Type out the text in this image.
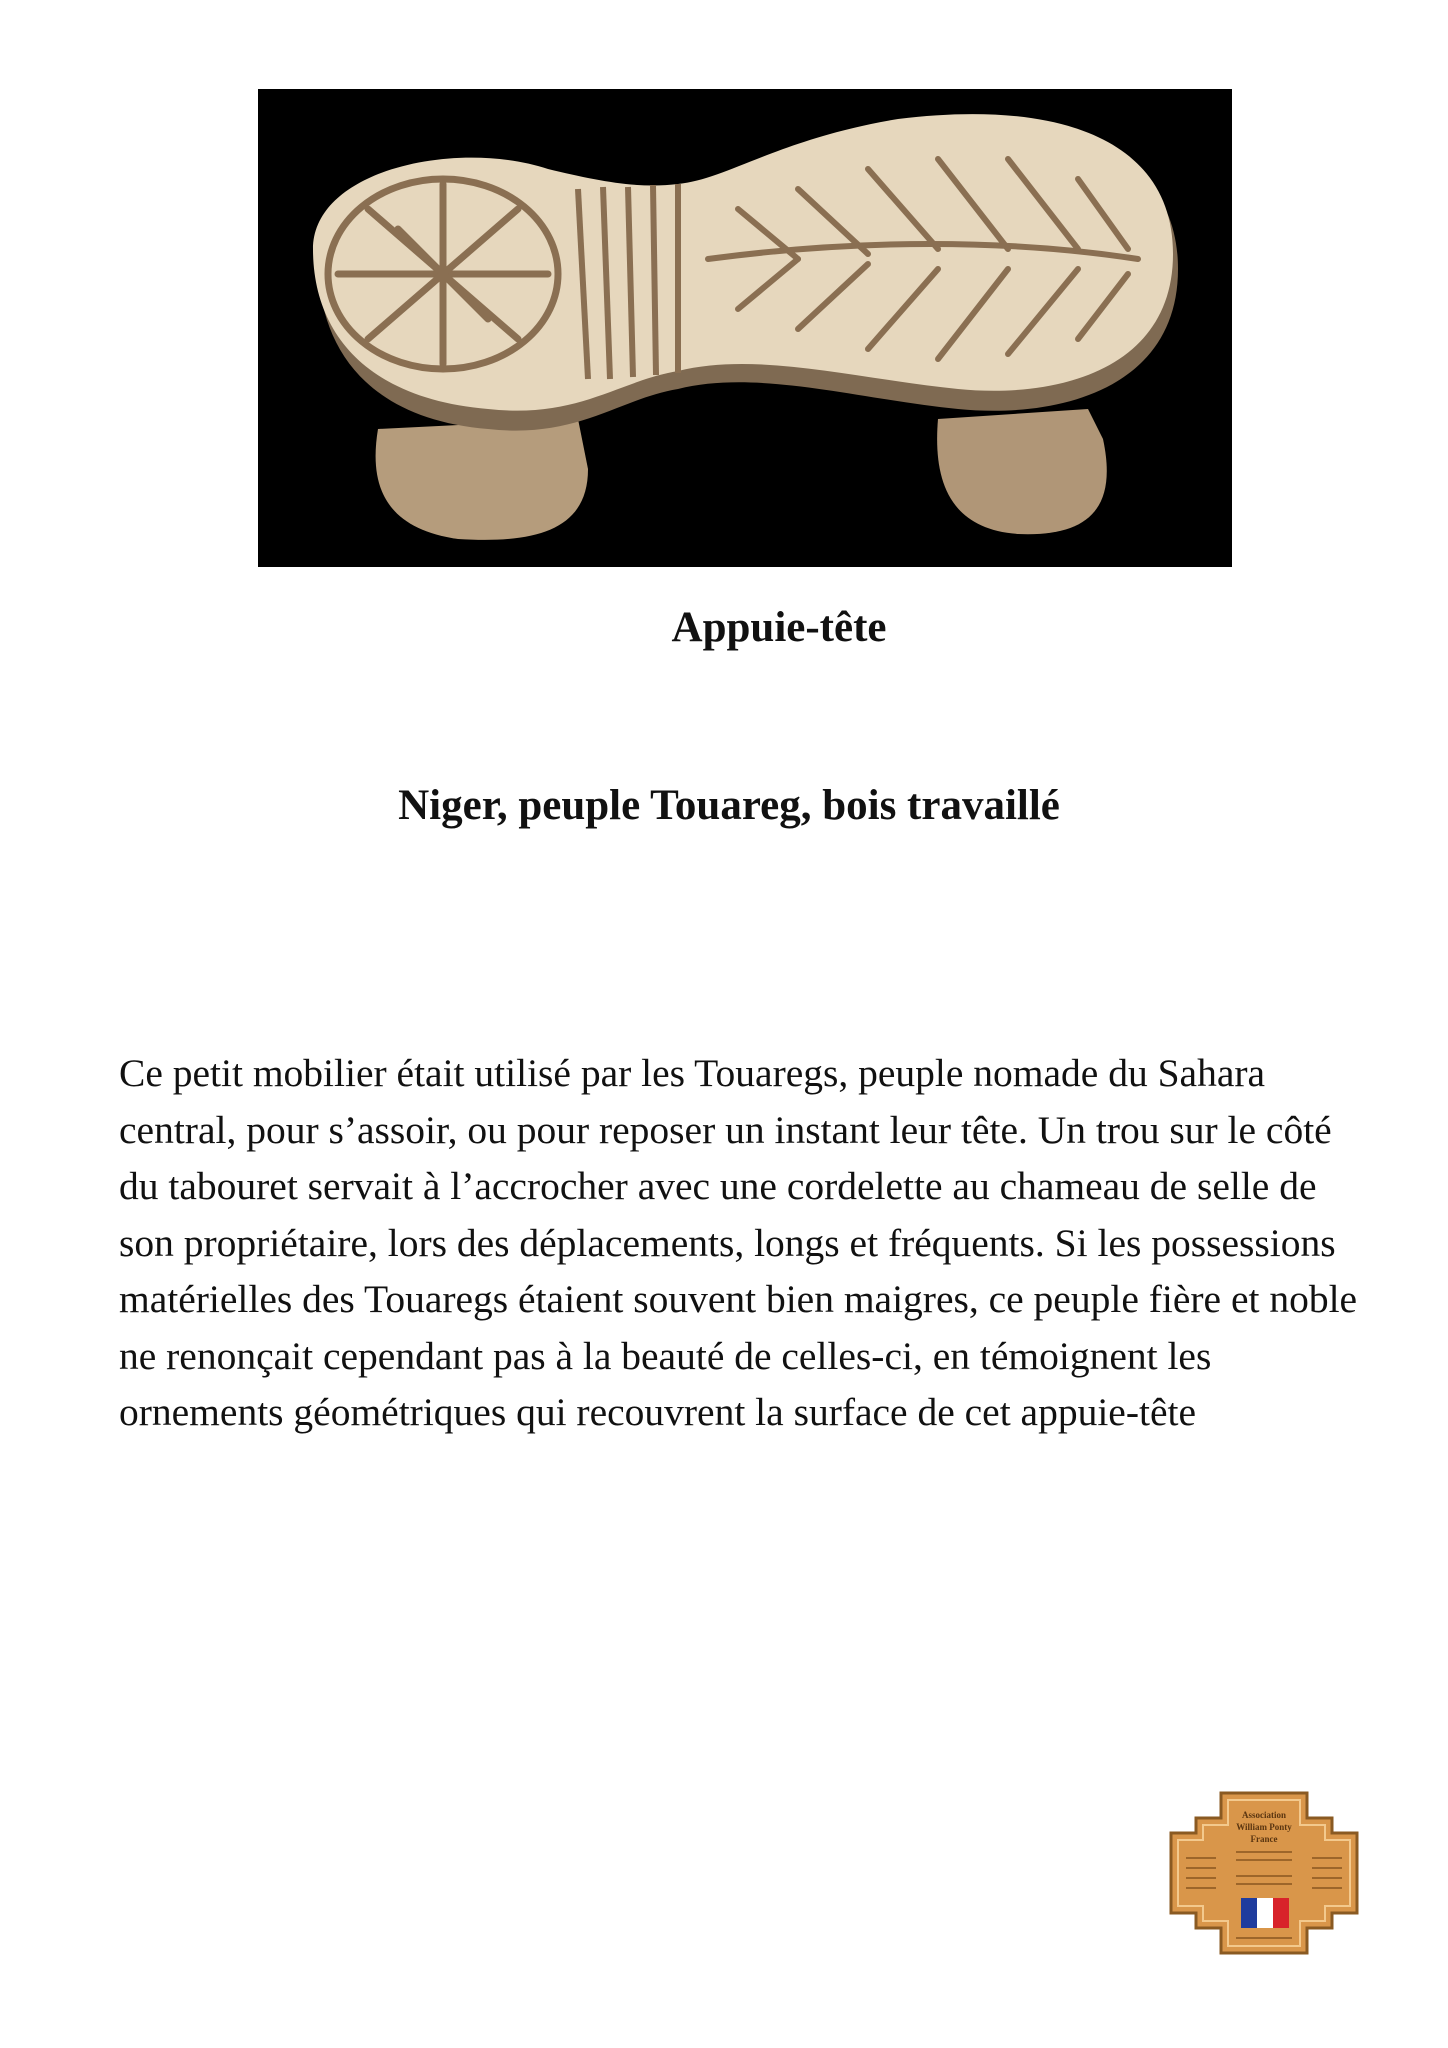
Appuie-tête
Niger, peuple Touareg, bois travaillé

Ce petit mobilier était utilisé par les Touaregs, peuple nomade du Sahara central, pour s’assoir, ou pour reposer un instant leur tête. Un trou sur le côté du tabouret servait à l’accrocher avec une cordelette au chameau de selle de son propriétaire, lors des déplacements, longs et fréquents. Si les possessions matérielles des Touaregs étaient souvent bien maigres, ce peuple fière et noble ne renonçait cependant pas à la beauté de celles-ci, en témoignent les ornements géométriques qui recouvrent la surface de cet appuie-tête

Association
William Ponty
France
